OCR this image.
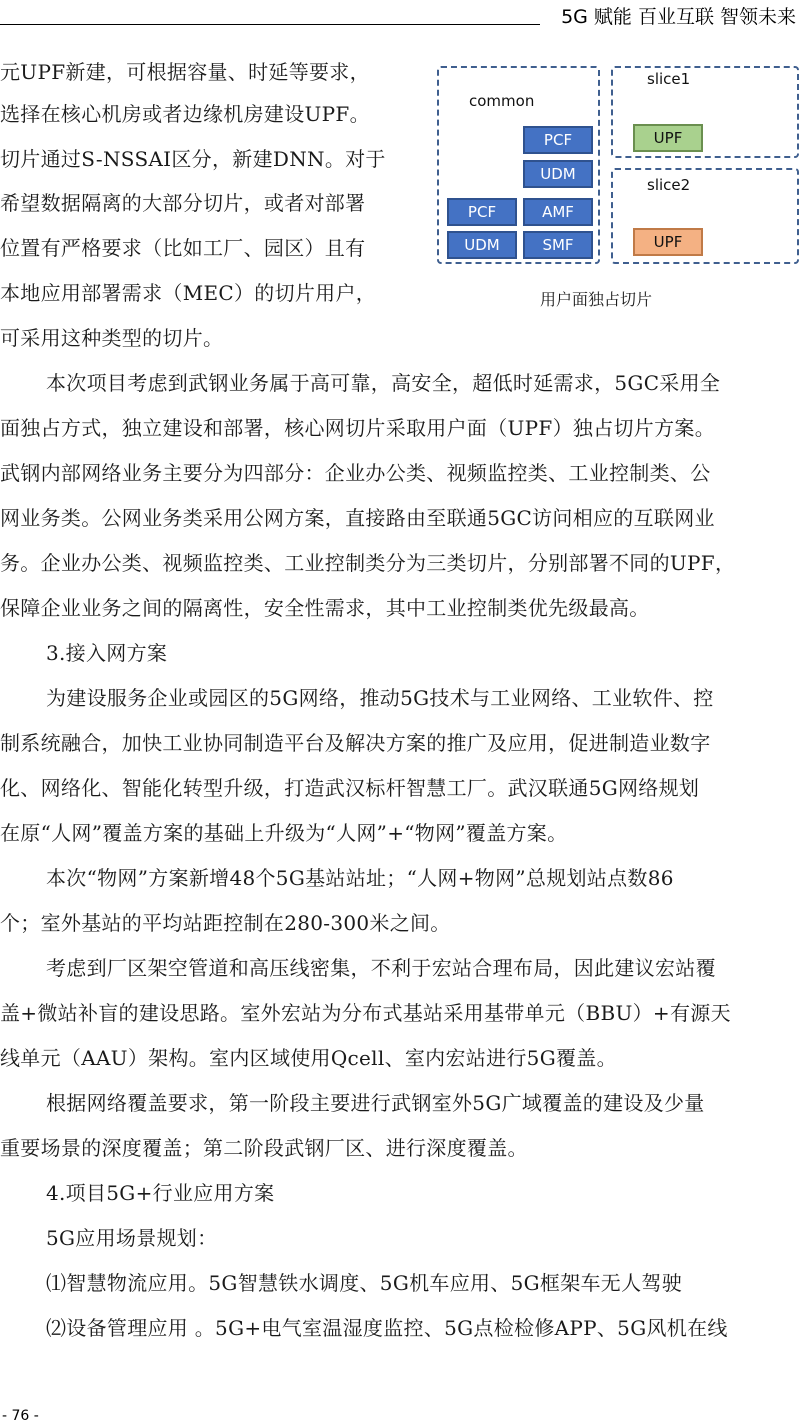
5G 赋能 百业互联 智领未来
元UPF新建，可根据容量、时延等要求，
选择在核心机房或者边缘机房建设UPF。
切片通过S-NSSAI区分，新建DNN。对于
希望数据隔离的大部分切片，或者对部署
位置有严格要求（比如工厂、园区）且有
本地应用部署需求（MEC）的切片用户，
可采用这种类型的切片。
common
PCF
UDM
PCF	AMF
UDM	SMF
slice1
UPF
slice2
UPF
用户面独占切片
本次项目考虑到武钢业务属于高可靠，高安全，超低时延需求，5GC采用全
面独占方式，独立建设和部署，核心网切片采取用户面（UPF）独占切片方案。
武钢内部网络业务主要分为四部分：企业办公类、视频监控类、工业控制类、公
网业务类。公网业务类采用公网方案，直接路由至联通5GC访问相应的互联网业
务。企业办公类、视频监控类、工业控制类分为三类切片，分别部署不同的UPF，
保障企业业务之间的隔离性，安全性需求，其中工业控制类优先级最高。
3.接入网方案
为建设服务企业或园区的5G网络，推动5G技术与工业网络、工业软件、控
制系统融合，加快工业协同制造平台及解决方案的推广及应用，促进制造业数字
化、网络化、智能化转型升级，打造武汉标杆智慧工厂。武汉联通5G网络规划
在原“人网”覆盖方案的基础上升级为“人网”+“物网”覆盖方案。
本次“物网”方案新增48个5G基站站址；“人网+物网”总规划站点数86
个；室外基站的平均站距控制在280-300米之间。
考虑到厂区架空管道和高压线密集，不利于宏站合理布局，因此建议宏站覆
盖+微站补盲的建设思路。室外宏站为分布式基站采用基带单元（BBU）+有源天
线单元（AAU）架构。室内区域使用Qcell、室内宏站进行5G覆盖。
根据网络覆盖要求，第一阶段主要进行武钢室外5G广域覆盖的建设及少量
重要场景的深度覆盖；第二阶段武钢厂区、进行深度覆盖。
4.项目5G+行业应用方案
5G应用场景规划：
⑴智慧物流应用。5G智慧铁水调度、5G机车应用、5G框架车无人驾驶
⑵设备管理应用 。5G+电气室温湿度监控、5G点检检修APP、5G风机在线
- 76 -
